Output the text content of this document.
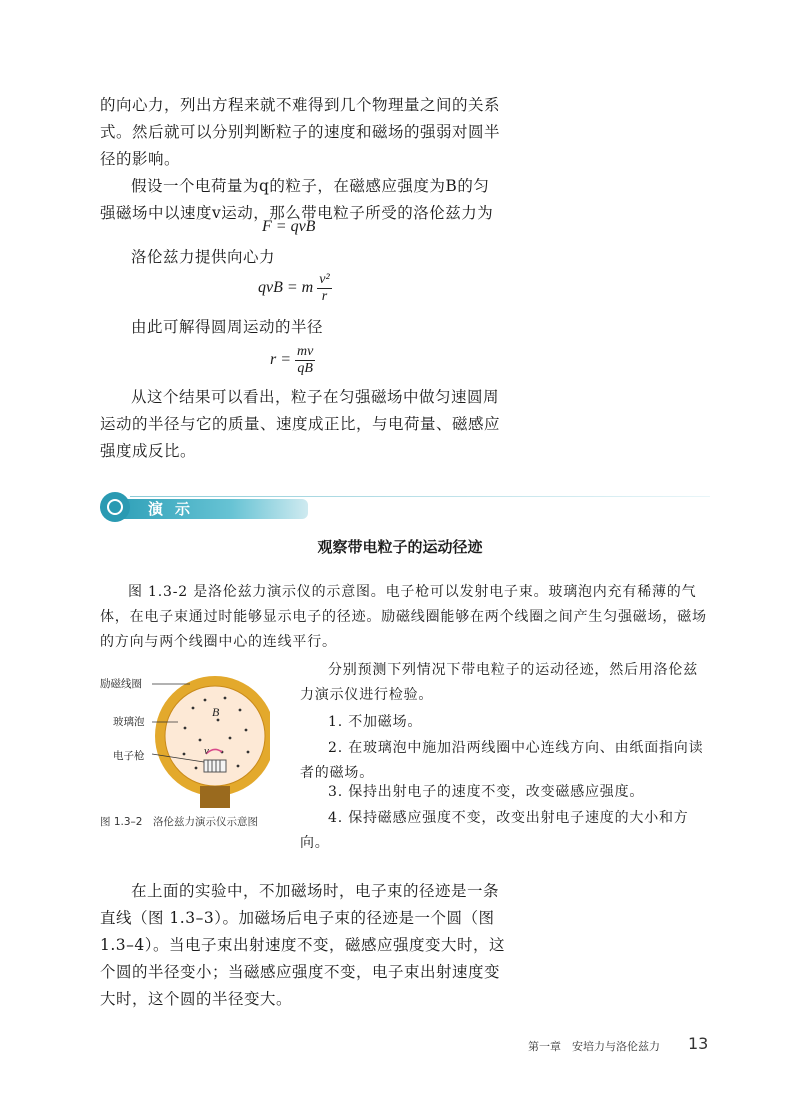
的向心力，列出方程来就不难得到几个物理量之间的关系式。然后就可以分别判断粒子的速度和磁场的强弱对圆半径的影响。

假设一个电荷量为q的粒子，在磁感应强度为B的匀强磁场中以速度v运动，那么带电粒子所受的洛伦兹力为

F = qvB

洛伦兹力提供向心力

qvB = m $\frac{\text{v²}}{r}$

由此可解得圆周运动的半径

$r = \frac{mv}{qB}$

从这个结果可以看出，粒子在匀强磁场中做匀速圆周运动的半径与它的质量、速度成正比，与电荷量、磁感应强度成反比。

演示
观察带电粒子的运动径迹

图 1.3-2 是洛伦兹力演示仪的示意图。电子枪可以发射电子束。玻璃泡内充有稀薄的气体，在电子束通过时能够显示电子的径迹。励磁线圈能够在两个线圈之间产生匀强磁场，磁场的方向与两个线圈中心的连线平行。

B
v
励磁线圈
玻璃泡
电子枪
图 1.3–2　洛伦兹力演示仪示意图

分别预测下列情况下带电粒子的运动径迹，然后用洛伦兹力演示仪进行检验。

1. 不加磁场。

2. 在玻璃泡中施加沿两线圈中心连线方向、由纸面指向读者的磁场。

3. 保持出射电子的速度不变，改变磁感应强度。

4. 保持磁感应强度不变，改变出射电子速度的大小和方向。

在上面的实验中，不加磁场时，电子束的径迹是一条直线（图 1.3–3）。加磁场后电子束的径迹是一个圆（图 1.3–4）。当电子束出射速度不变，磁感应强度变大时，这个圆的半径变小；当磁感应强度不变，电子束出射速度变大时，这个圆的半径变大。

第一章　安培力与洛伦兹力 13
